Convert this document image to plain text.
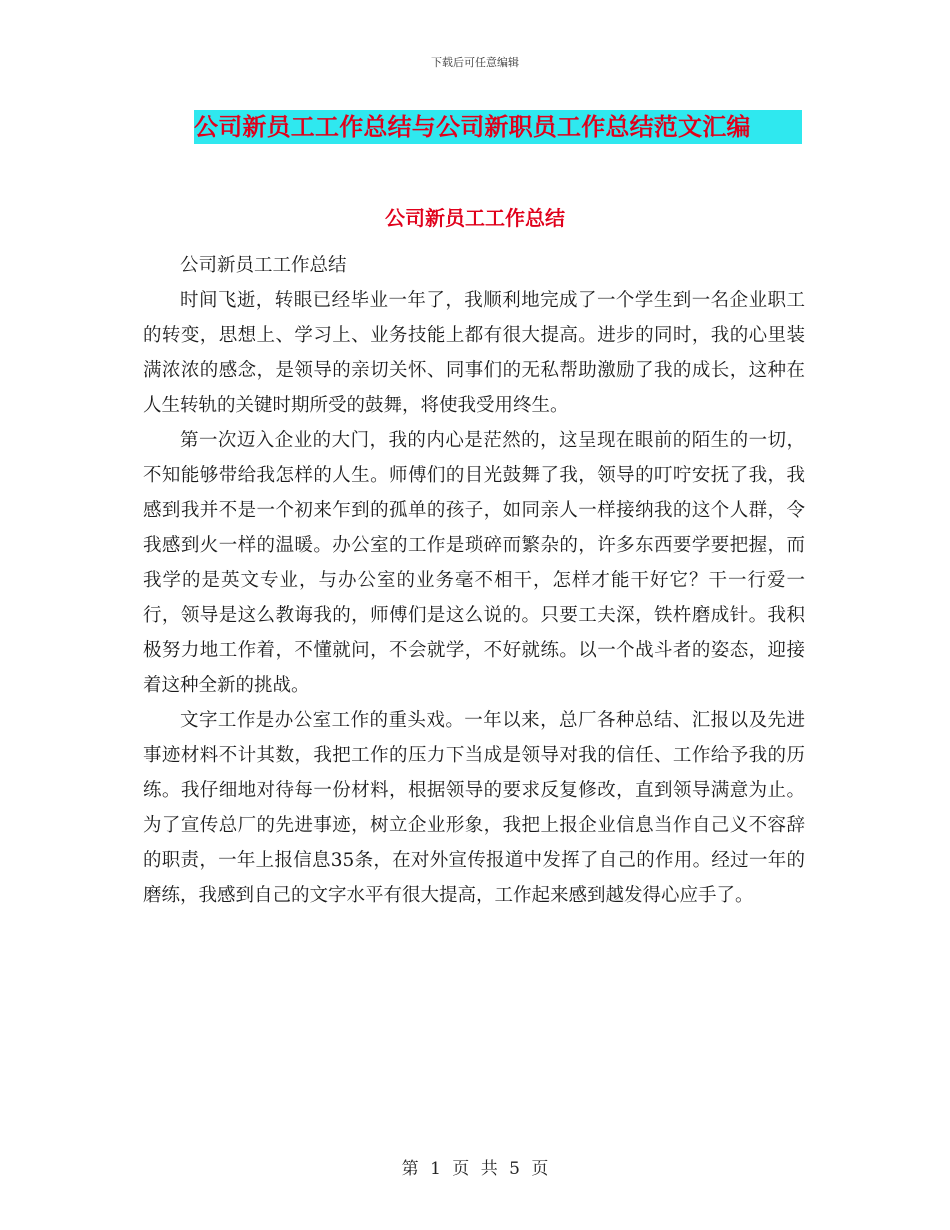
下载后可任意编辑
公司新员工工作总结与公司新职员工作总结范文汇编
公司新员工工作总结

公司新员工工作总结

时间飞逝，转眼已经毕业一年了，我顺利地完成了一个学生到一名企业职工的转变，思想上、学习上、业务技能上都有很大提高。进步的同时，我的心里装满浓浓的感念，是领导的亲切关怀、同事们的无私帮助激励了我的成长，这种在人生转轨的关键时期所受的鼓舞，将使我受用终生。

第一次迈入企业的大门，我的内心是茫然的，这呈现在眼前的陌生的一切，不知能够带给我怎样的人生。师傅们的目光鼓舞了我，领导的叮咛安抚了我，我感到我并不是一个初来乍到的孤单的孩子，如同亲人一样接纳我的这个人群，令我感到火一样的温暖。办公室的工作是琐碎而繁杂的，许多东西要学要把握，而我学的是英文专业，与办公室的业务毫不相干，怎样才能干好它？干一行爱一行，领导是这么教诲我的，师傅们是这么说的。只要工夫深，铁杵磨成针。我积极努力地工作着，不懂就问，不会就学，不好就练。以一个战斗者的姿态，迎接着这种全新的挑战。

文字工作是办公室工作的重头戏。一年以来，总厂各种总结、汇报以及先进事迹材料不计其数，我把工作的压力下当成是领导对我的信任、工作给予我的历练。我仔细地对待每一份材料，根据领导的要求反复修改，直到领导满意为止。为了宣传总厂的先进事迹，树立企业形象，我把上报企业信息当作自己义不容辞的职责，一年上报信息35条，在对外宣传报道中发挥了自己的作用。经过一年的磨练，我感到自己的文字水平有很大提高，工作起来感到越发得心应手了。

第 1 页 共 5 页
